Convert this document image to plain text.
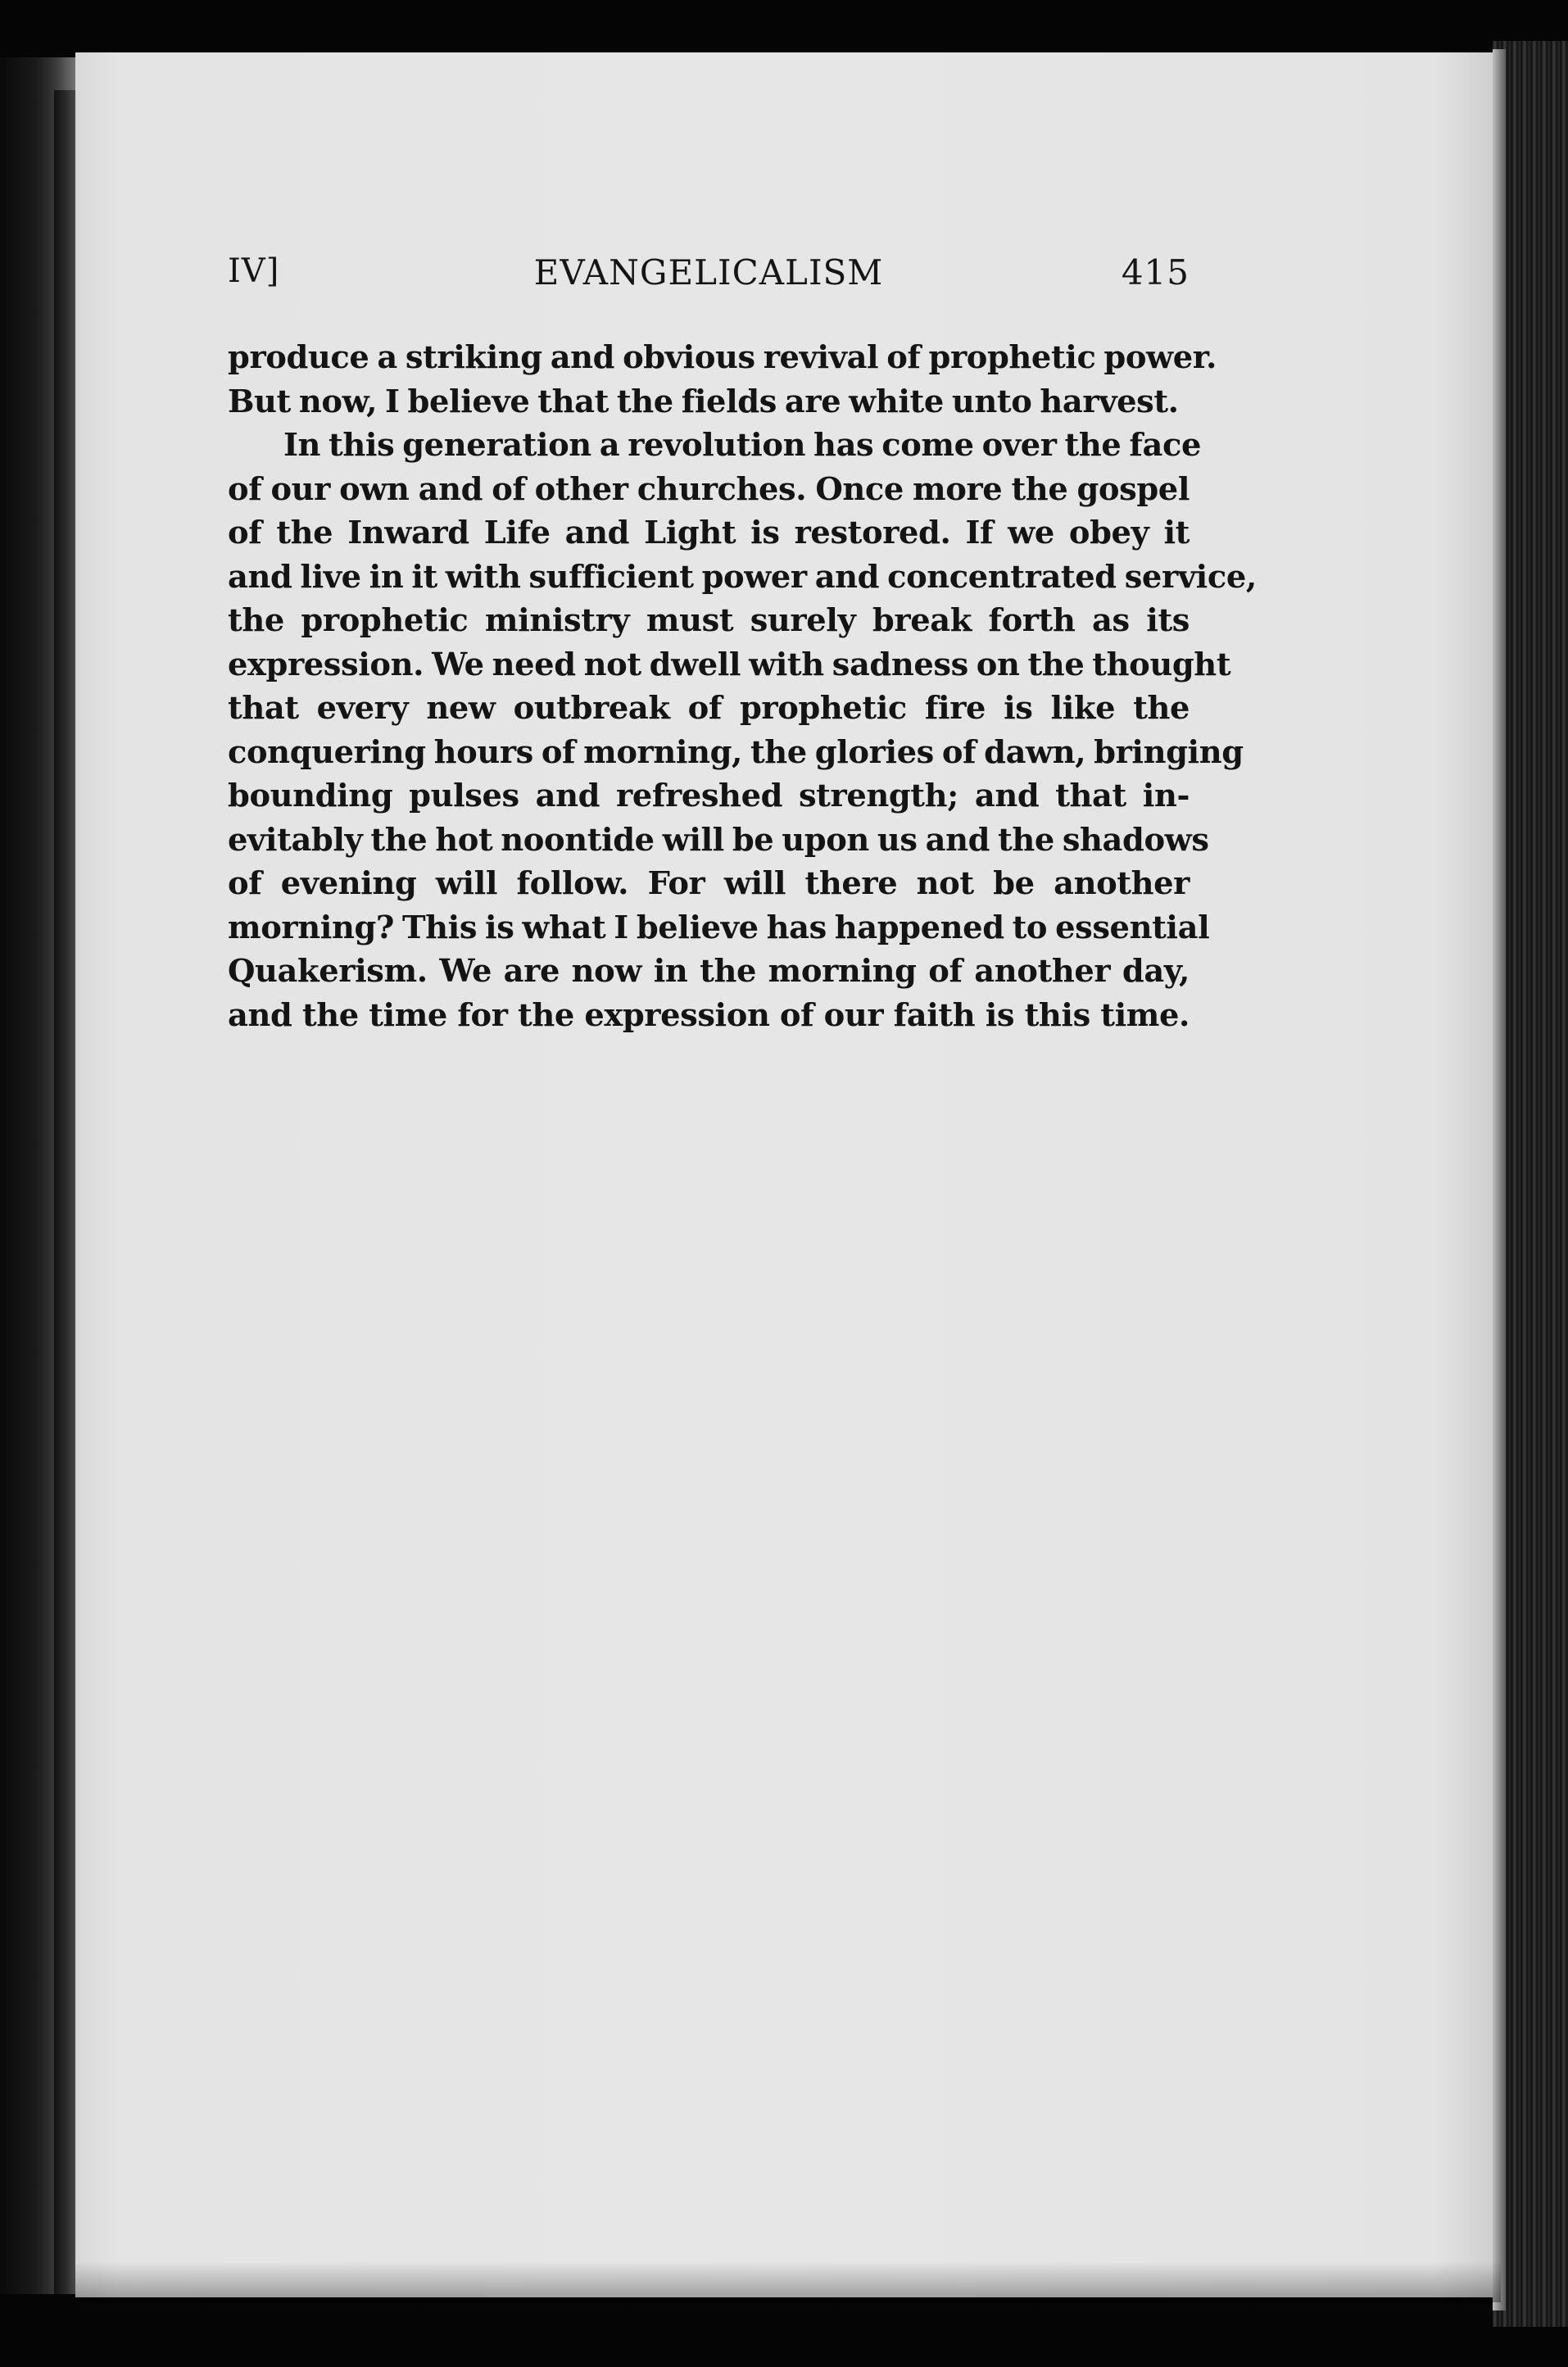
IV]	EVANGELICALISM	415
produce a striking and obvious revival of prophetic power.
But now, I believe that the fields are white unto harvest.
In this generation a revolution has come over the face
of our own and of other churches. Once more the gospel
of the Inward Life and Light is restored. If we obey it
and live in it with sufficient power and concentrated service,
the prophetic ministry must surely break forth as its
expression. We need not dwell with sadness on the thought
that every new outbreak of prophetic fire is like the
conquering hours of morning, the glories of dawn, bringing
bounding pulses and refreshed strength; and that in-
evitably the hot noontide will be upon us and the shadows
of evening will follow. For will there not be another
morning? This is what I believe has happened to essential
Quakerism. We are now in the morning of another day,
and the time for the expression of our faith is this time.
